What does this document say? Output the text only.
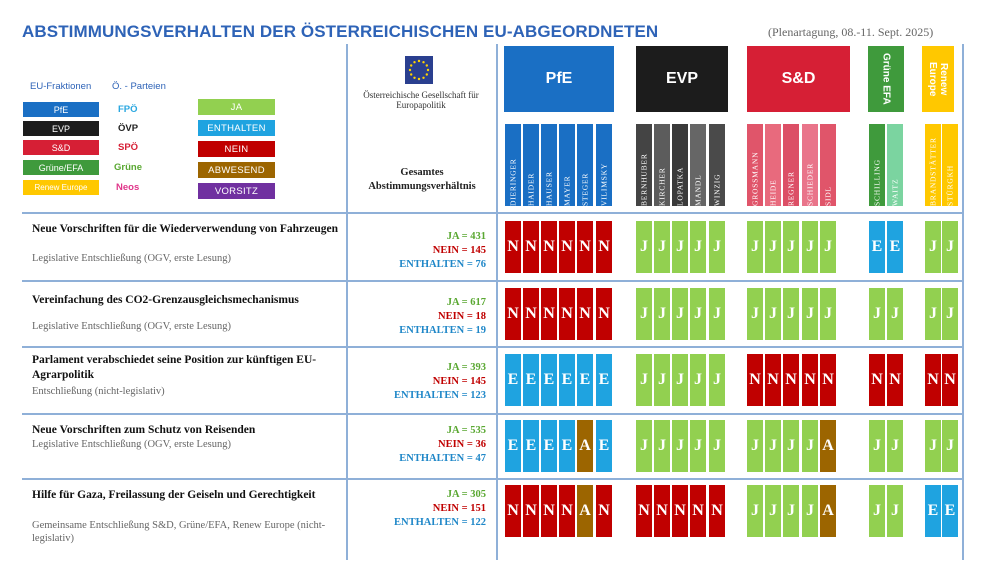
ABSTIMMUNGSVERHALTEN DER ÖSTERREICHISCHEN EU-ABGEORDNETEN	(Plenartagung, 08.-11. Sept. 2025)
EU-Fraktionen Ö. - Parteien
PfE
EVP
S&D
Grüne/EFA
Renew Europe
FPÖ
ÖVP
SPÖ
Grüne
Neos
JA
ENTHALTEN
NEIN
ABWESEND
VORSITZ
Österreichische Gesellschaft für Europapolitik
Gesamtes Abstimmungsverhältnis
PfE	EVP	S&D	Grüne EFA	Renew Europe
DIERINGER	HAIDER	HAUSER	MAYER	STEGER	VILIMSKY	BERNHUBER	KIRCHER	LOPATKA	MANDL	WINZIG	GROSSMANN	HEIDE	REGNER	SCHIEDER	SIDL	SCHILLING	WAITZ	BRANDSTÄTTER	STÜRGKH
Neue Vorschriften für die Wiederverwendung von Fahrzeugen
Legislative Entschließung (OGV, erste Lesung)
JA = 431
NEIN = 145
ENTHALTEN = 76
N N N N N N J J J J J J J J J J E E J J
Vereinfachung des CO2-Grenzausgleichsmechanismus
Legislative Entschließung (OGV, erste Lesung)
JA = 617
NEIN = 18
ENTHALTEN = 19
N N N N N N J J J J J J J J J J	J J J J
Parlament verabschiedet seine Position zur künftigen EU-Agrarpolitik
Entschließung (nicht-legislativ)
JA = 393
NEIN = 145
ENTHALTEN = 123
E E E E E E J J J J J N N N N N N N N N
Neue Vorschriften zum Schutz von Reisenden
Legislative Entschließung (OGV, erste Lesung)
JA = 535
NEIN = 36
ENTHALTEN = 47
E E E E A E J J J J J J J J J A J J J J
Hilfe für Gaza, Freilassung der Geiseln und Gerechtigkeit
Gemeinsame Entschließung S&D, Grüne/EFA, Renew Europe (nicht-legislativ)
JA = 305
NEIN = 151
ENTHALTEN = 122
N N N N A N N N N N N J J J J A J J E E
